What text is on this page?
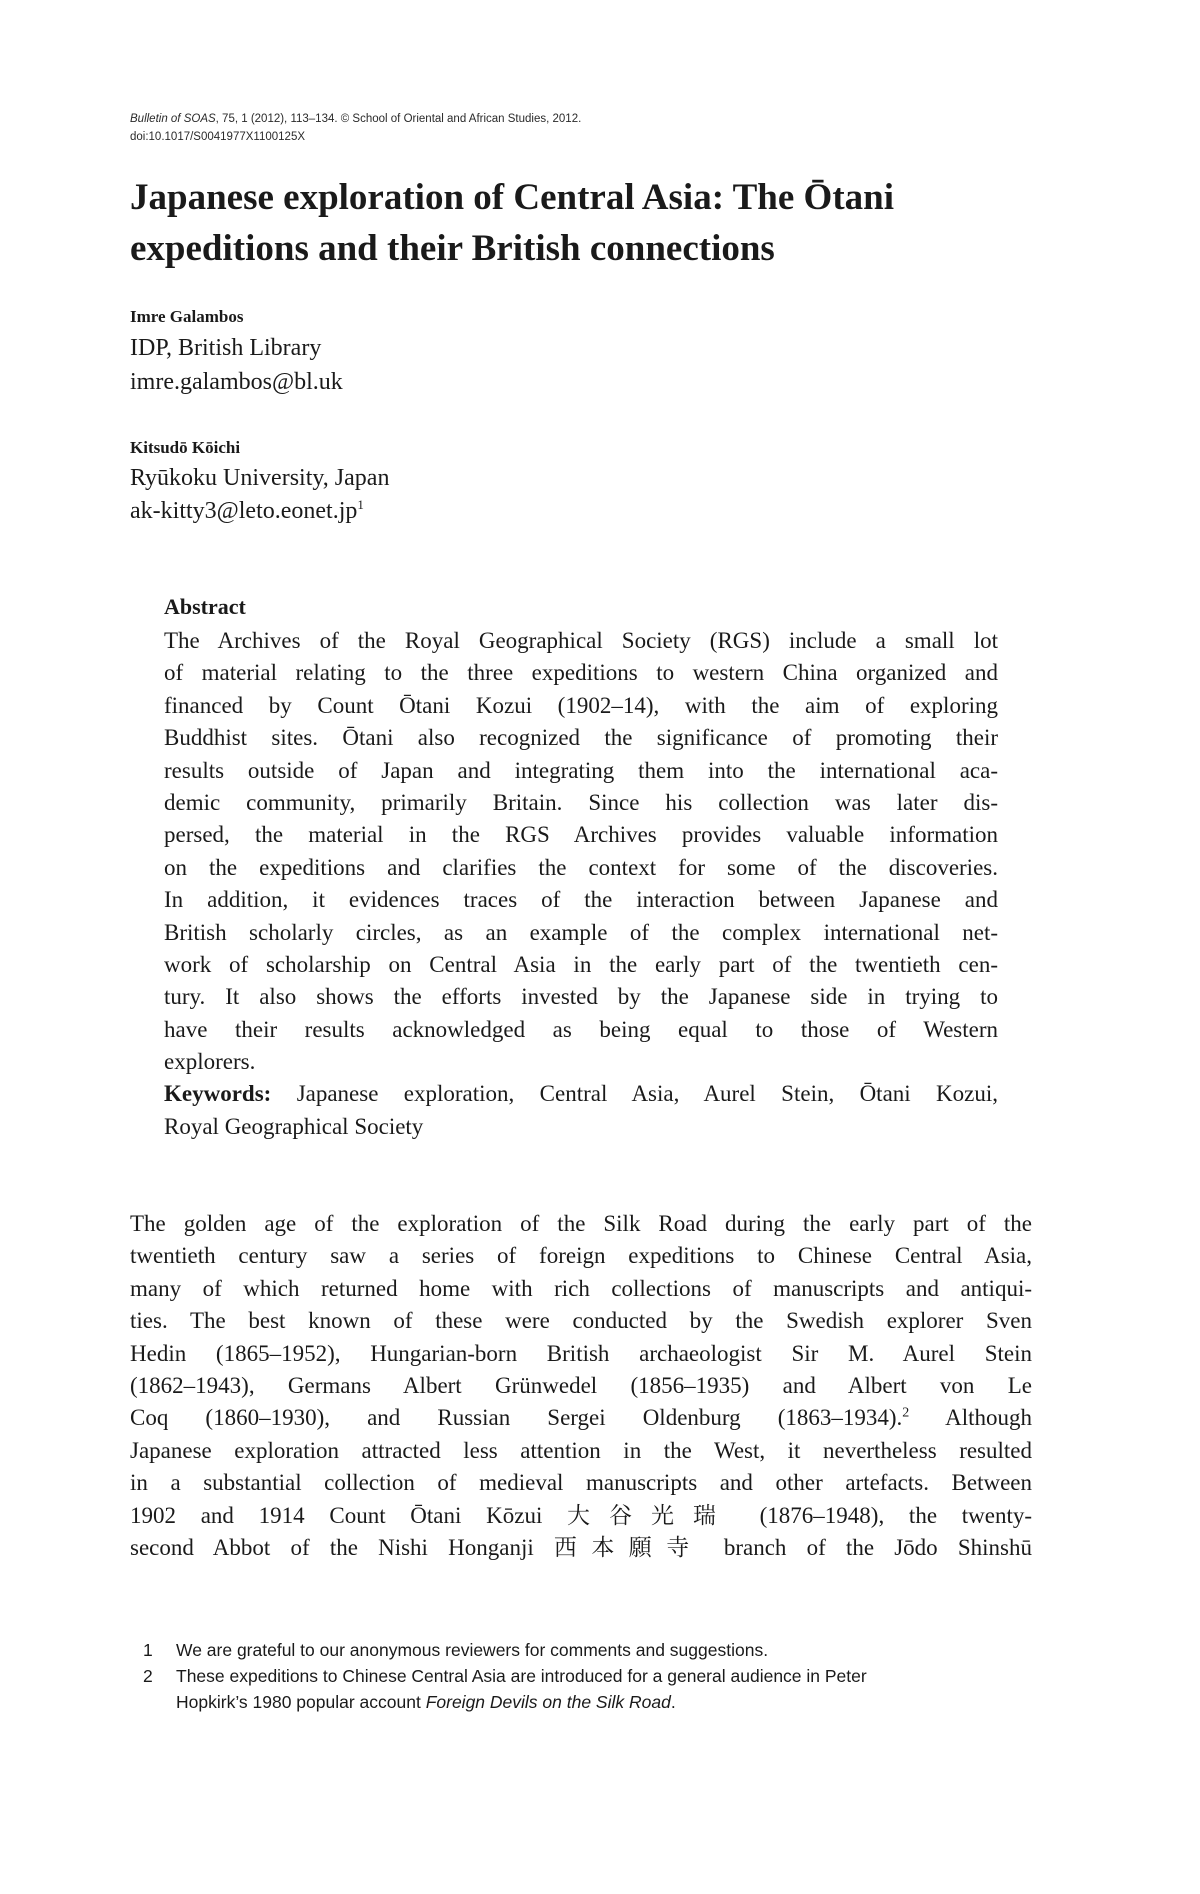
Bulletin of SOAS, 75, 1 (2012), 113–134. © School of Oriental and African Studies, 2012.
doi:10.1017/S0041977X1100125X
Japanese exploration of Central Asia: The Ōtani
expeditions and their British connections
Imre Galambos
IDP, British Library
imre.galambos@bl.uk
Kitsudō Kōichi
Ryūkoku University, Japan
$ak-kitty3@leto.eonet.jp^1$
Abstract
The Archives of the Royal Geographical Society (RGS) include a small lot
of material relating to the three expeditions to western China organized and
financed by Count Ōtani Kozui (1902–14), with the aim of exploring
Buddhist sites. Ōtani also recognized the significance of promoting their
results outside of Japan and integrating them into the international aca-
demic community, primarily Britain. Since his collection was later dis-
persed, the material in the RGS Archives provides valuable information
on the expeditions and clarifies the context for some of the discoveries.
In addition, it evidences traces of the interaction between Japanese and
British scholarly circles, as an example of the complex international net-
work of scholarship on Central Asia in the early part of the twentieth cen-
tury. It also shows the efforts invested by the Japanese side in trying to
have their results acknowledged as being equal to those of Western
explorers.
Keywords: Japanese exploration, Central Asia, Aurel Stein, Ōtani Kozui,
Royal Geographical Society
The golden age of the exploration of the Silk Road during the early part of the
twentieth century saw a series of foreign expeditions to Chinese Central Asia,
many of which returned home with rich collections of manuscripts and antiqui-
ties. The best known of these were conducted by the Swedish explorer Sven
Hedin (1865–1952), Hungarian-born British archaeologist Sir M. Aurel Stein
(1862–1943), Germans Albert Grünwedel (1856–1935) and Albert von Le
Coq (1860–1930), and Russian Sergei Oldenburg (1863–1934).$^2$ Although
Japanese exploration attracted less attention in the West, it nevertheless resulted
in a substantial collection of medieval manuscripts and other artefacts. Between
1902 and 1914 Count Ōtani Kōzui 大谷光瑞 (1876–1948), the twenty-
second Abbot of the Nishi Honganji 西本願寺 branch of the Jōdo Shinshū
1 We are grateful to our anonymous reviewers for comments and suggestions.
2 These expeditions to Chinese Central Asia are introduced for a general audience in Peter
Hopkirk’s 1980 popular account Foreign Devils on the Silk Road.
